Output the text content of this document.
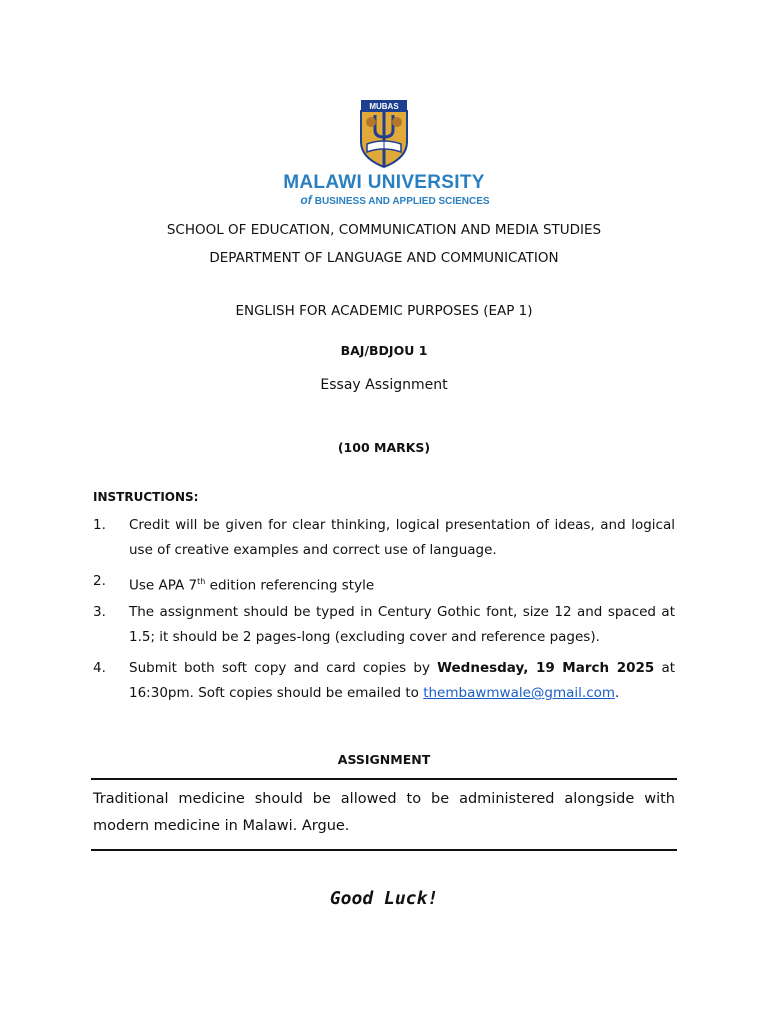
MUBAS
MALAWI UNIVERSITY
of BUSINESS AND APPLIED SCIENCES
SCHOOL OF EDUCATION, COMMUNICATION AND MEDIA STUDIES
DEPARTMENT OF LANGUAGE AND COMMUNICATION
ENGLISH FOR ACADEMIC PURPOSES (EAP 1)
BAJ/BDJOU 1
Essay Assignment
(100 MARKS)
INSTRUCTIONS:
1.	Credit will be given for clear thinking, logical presentation of ideas, and logical use of creative examples and correct use of language.
2.	Use APA 7th edition referencing style
3.	The assignment should be typed in Century Gothic font, size 12 and spaced at 1.5; it should be 2 pages-long (excluding cover and reference pages).
4.	Submit both soft copy and card copies by Wednesday, 19 March 2025 at 16:30pm. Soft copies should be emailed to thembawmwale@gmail.com.
ASSIGNMENT
Traditional medicine should be allowed to be administered alongside with modern medicine in Malawi. Argue.
Good Luck!
